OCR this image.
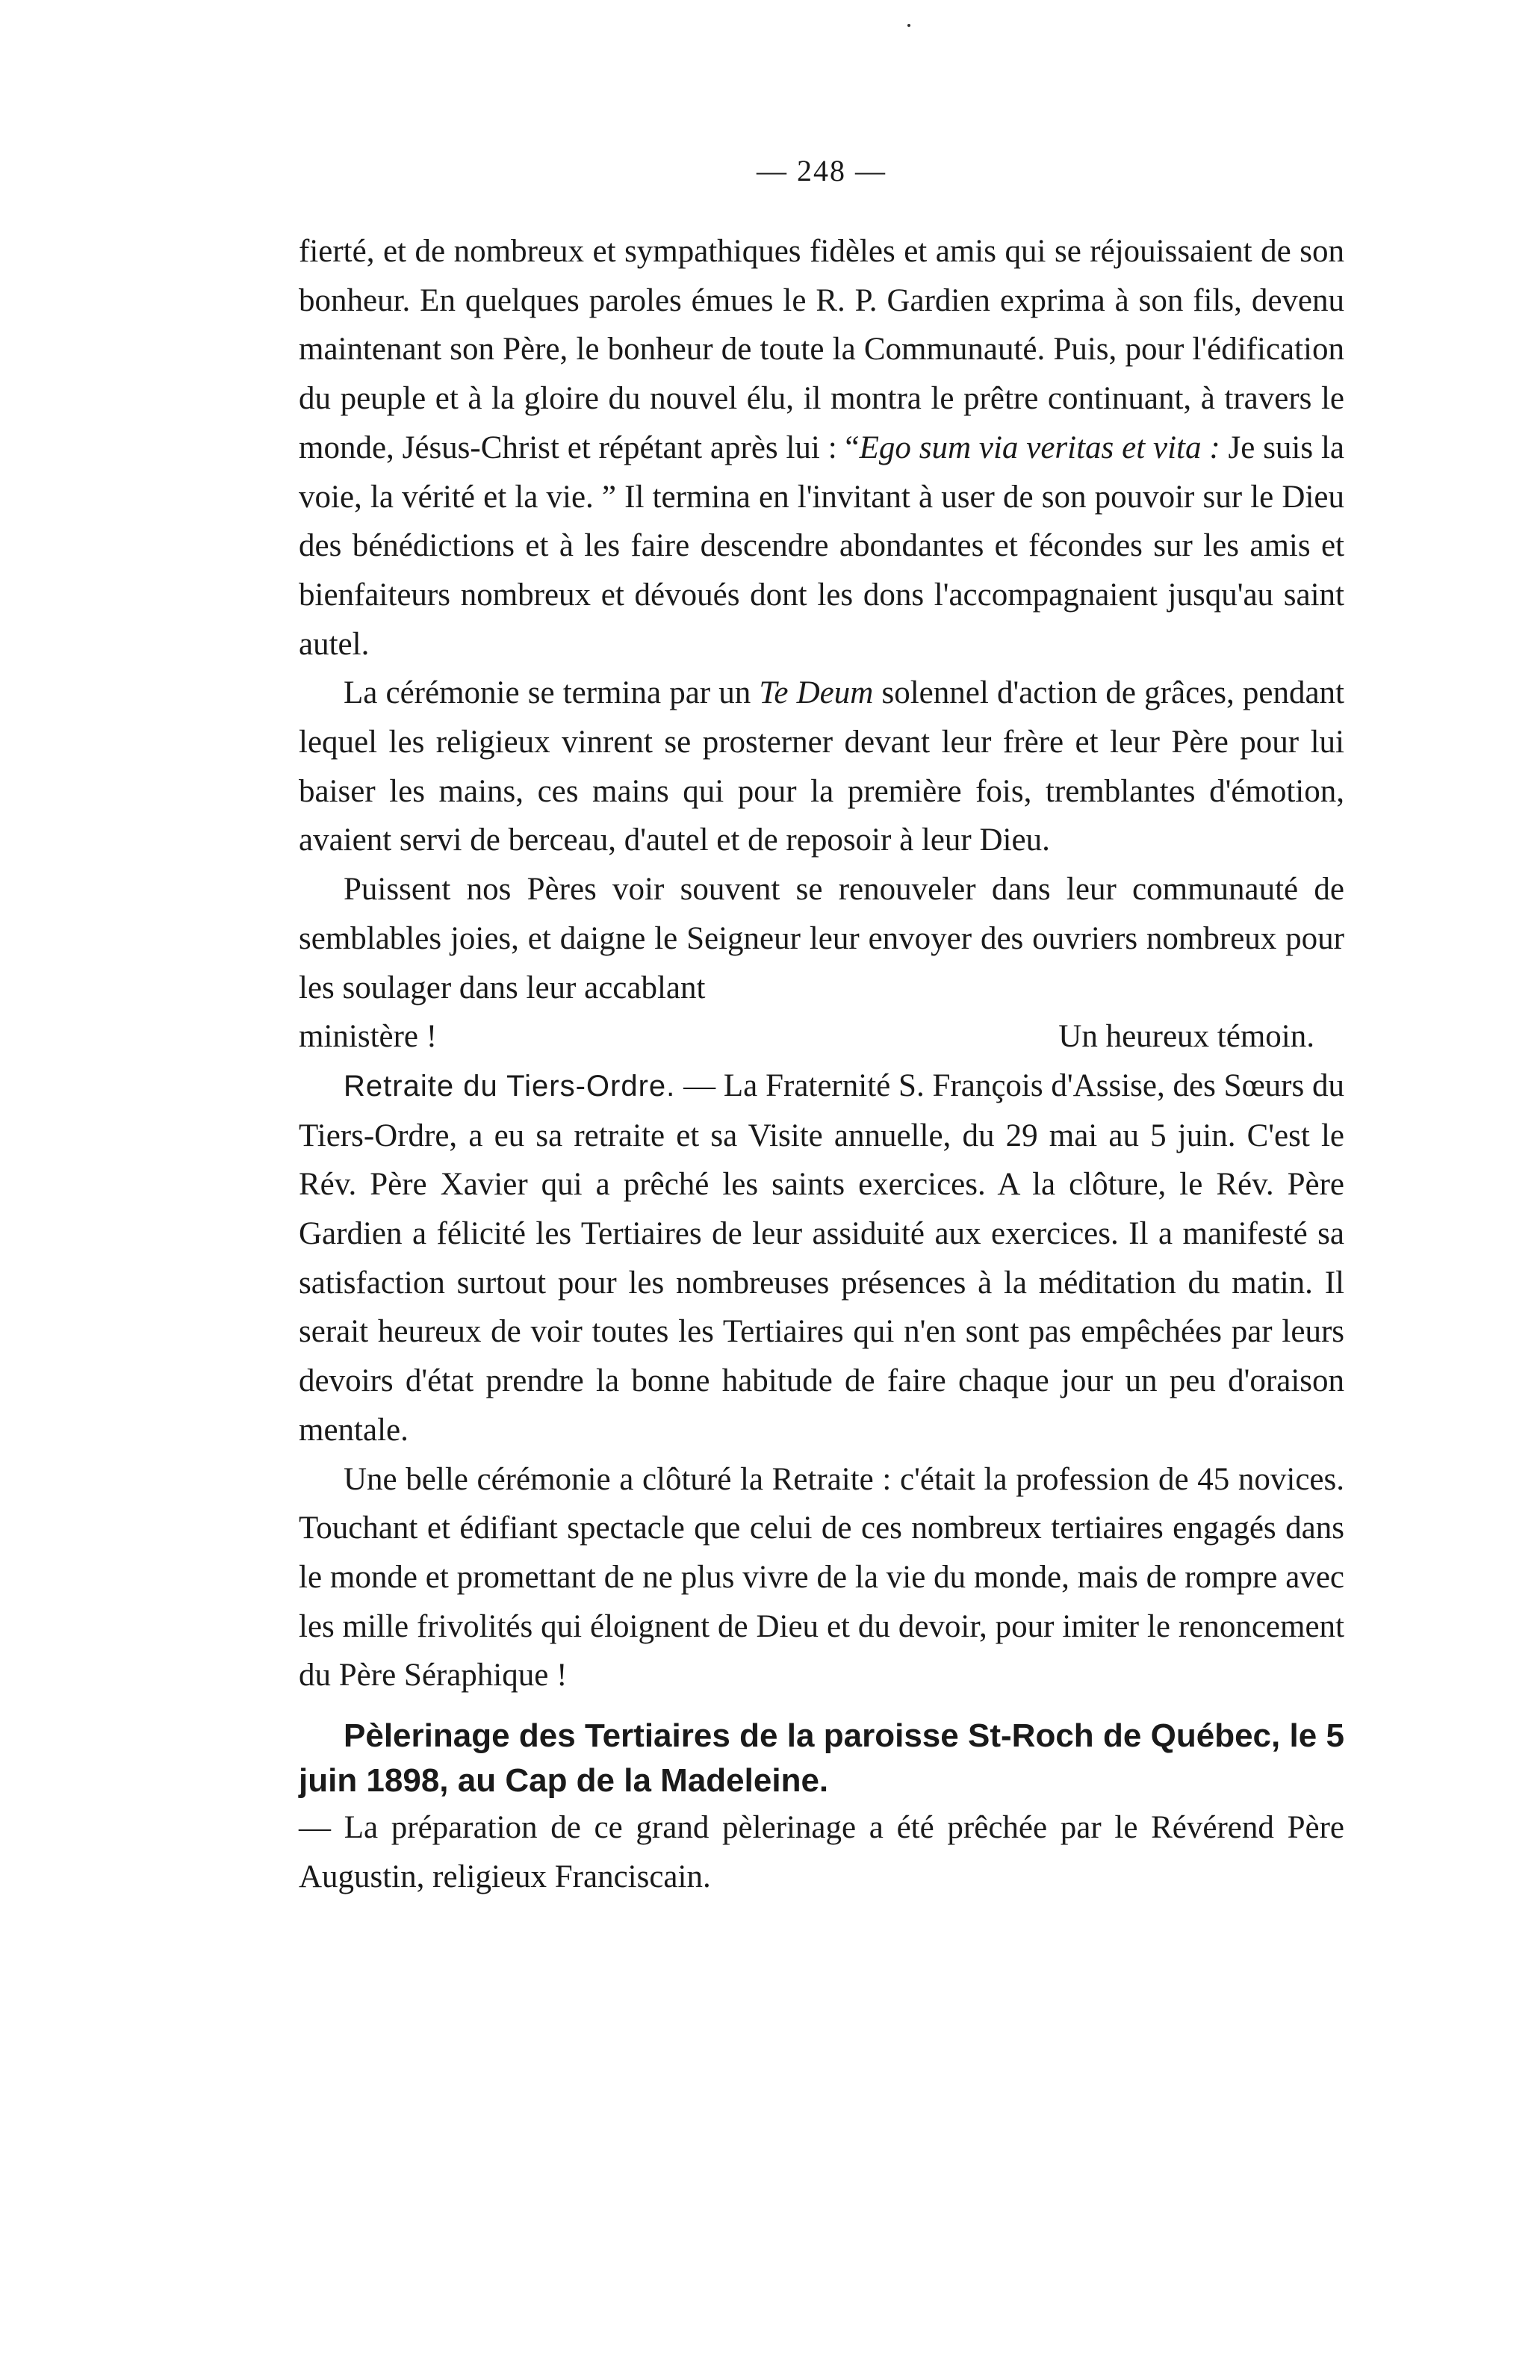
— 248 —

fierté, et de nombreux et sympathiques fidèles et amis qui se réjouissaient de son bonheur. En quelques paroles émues le R. P. Gardien exprima à son fils, devenu maintenant son Père, le bonheur de toute la Communauté. Puis, pour l'édification du peuple et à la gloire du nouvel élu, il montra le prêtre continuant, à travers le monde, Jésus-Christ et répétant après lui : “Ego sum via veritas et vita : Je suis la voie, la vérité et la vie. ” Il termina en l'invitant à user de son pouvoir sur le Dieu des bénédictions et à les faire descendre abondantes et fécondes sur les amis et bienfaiteurs nombreux et dévoués dont les dons l'accompagnaient jusqu'au saint autel.

La cérémonie se termina par un Te Deum solennel d'action de grâces, pendant lequel les religieux vinrent se prosterner devant leur frère et leur Père pour lui baiser les mains, ces mains qui pour la première fois, tremblantes d'émotion, avaient servi de berceau, d'autel et de reposoir à leur Dieu.

Puissent nos Pères voir souvent se renouveler dans leur communauté de semblables joies, et daigne le Seigneur leur envoyer des ouvriers nombreux pour les soulager dans leur accablant

ministère !	Un heureux témoin.

Retraite du Tiers-Ordre. — La Fraternité S. François d'Assise, des Sœurs du Tiers-Ordre, a eu sa retraite et sa Visite annuelle, du 29 mai au 5 juin. C'est le Rév. Père Xavier qui a prêché les saints exercices. A la clôture, le Rév. Père Gardien a félicité les Tertiaires de leur assiduité aux exercices. Il a manifesté sa satisfaction surtout pour les nombreuses présences à la méditation du matin. Il serait heureux de voir toutes les Tertiaires qui n'en sont pas empêchées par leurs devoirs d'état prendre la bonne habitude de faire chaque jour un peu d'oraison mentale.

Une belle cérémonie a clôturé la Retraite : c'était la profession de 45 novices. Touchant et édifiant spectacle que celui de ces nombreux tertiaires engagés dans le monde et promettant de ne plus vivre de la vie du monde, mais de rompre avec les mille frivolités qui éloignent de Dieu et du devoir, pour imiter le renoncement du Père Séraphique !

Pèlerinage des Tertiaires de la paroisse St-Roch de Québec, le 5 juin 1898, au Cap de la Madeleine.

— La préparation de ce grand pèlerinage a été prêchée par le Révérend Père Augustin, religieux Franciscain.
